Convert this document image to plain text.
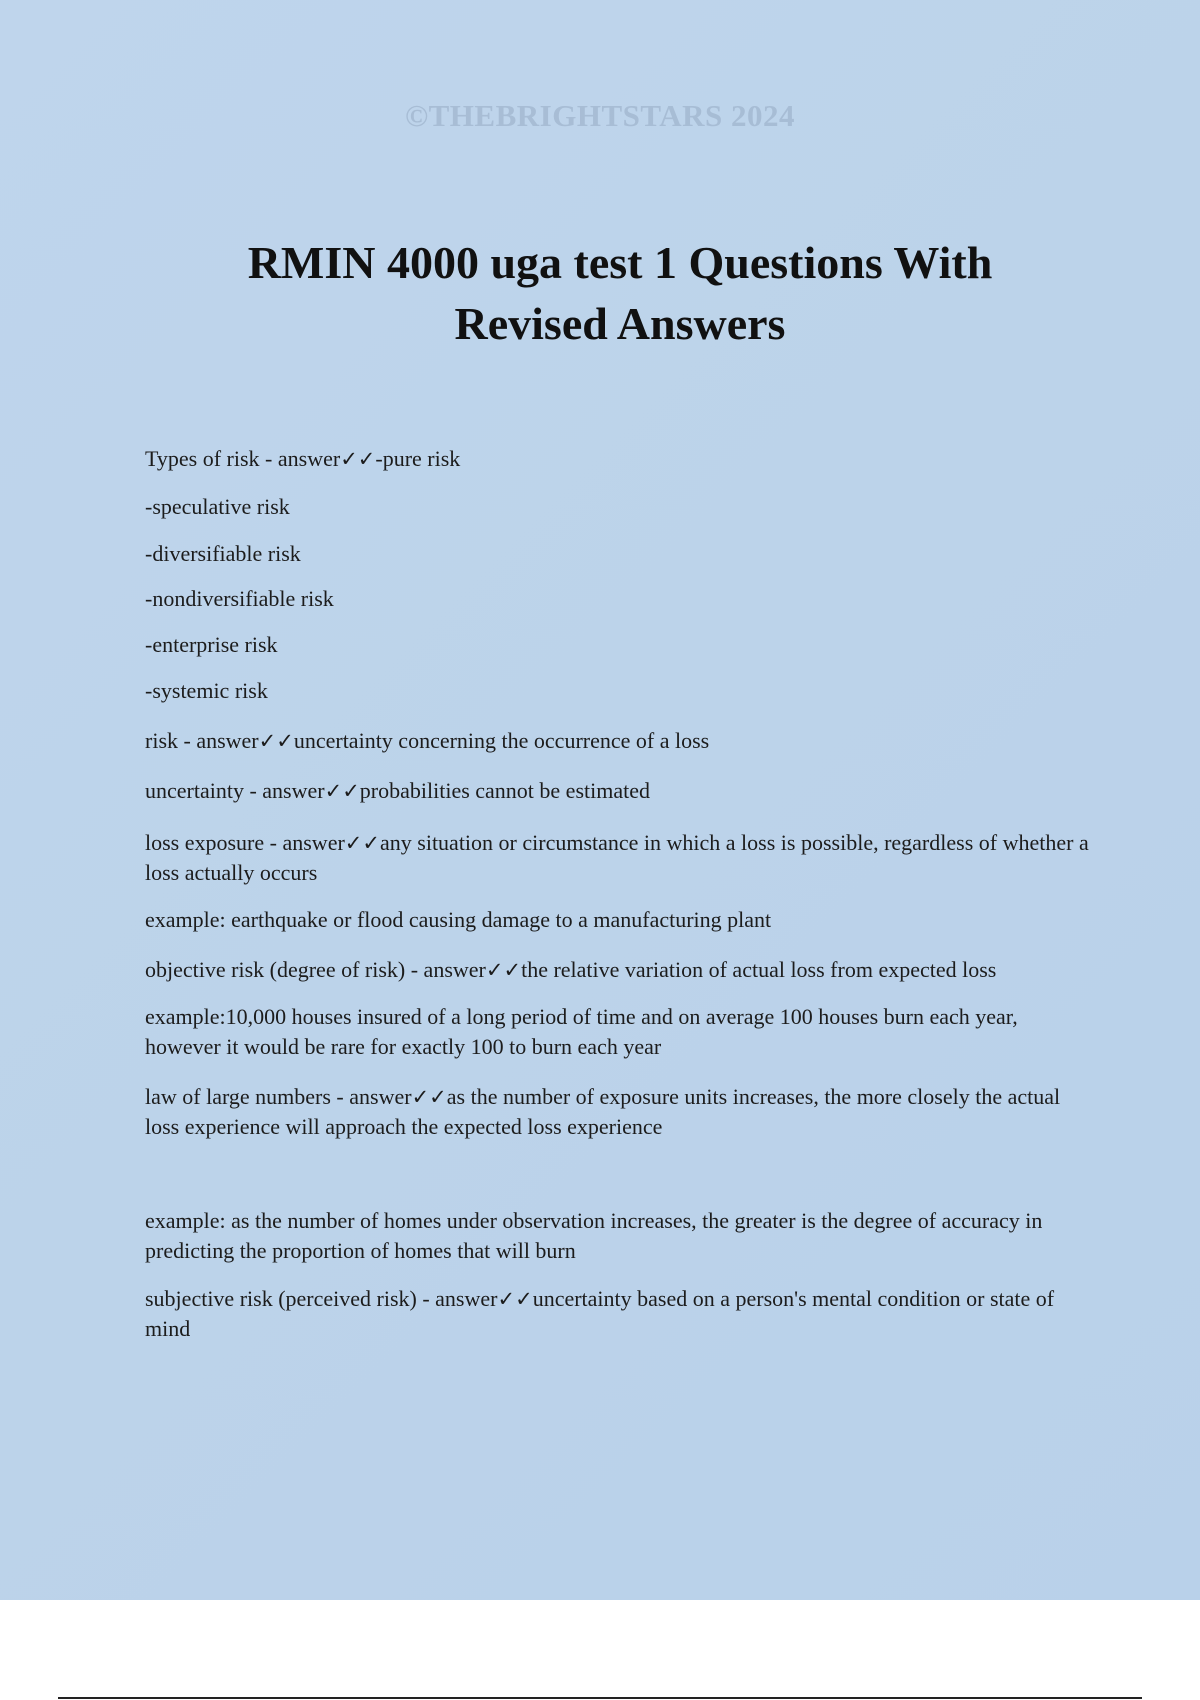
©THEBRIGHTSTARS 2024
RMIN 4000 uga test 1 Questions With
Revised Answers

Types of risk - answer✓✓-pure risk

-speculative risk

-diversifiable risk

-nondiversifiable risk

-enterprise risk

-systemic risk

risk - answer✓✓uncertainty concerning the occurrence of a loss

uncertainty - answer✓✓probabilities cannot be estimated

loss exposure - answer✓✓any situation or circumstance in which a loss is possible, regardless of whether a loss actually occurs

example: earthquake or flood causing damage to a manufacturing plant

objective risk (degree of risk) - answer✓✓the relative variation of actual loss from expected loss

example:10,000 houses insured of a long period of time and on average 100 houses burn each year, however it would be rare for exactly 100 to burn each year

law of large numbers - answer✓✓as the number of exposure units increases, the more closely the actual loss experience will approach the expected loss experience

example: as the number of homes under observation increases, the greater is the degree of accuracy in predicting the proportion of homes that will burn

subjective risk (perceived risk) - answer✓✓uncertainty based on a person's mental condition or state of mind
